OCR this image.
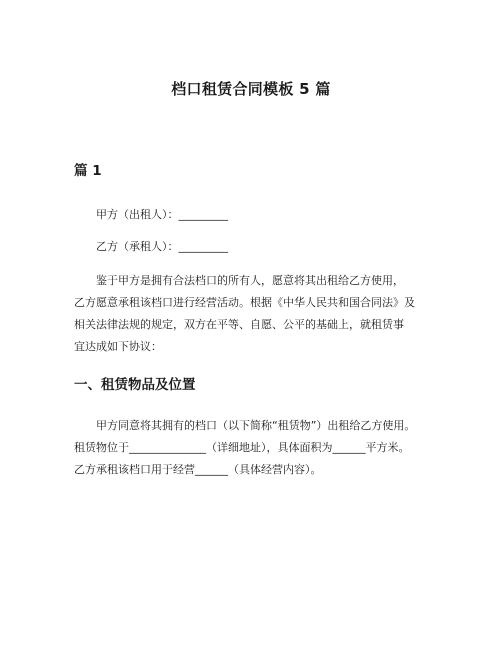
档口租赁合同模板 5 篇
篇 1

甲方（出租人）：_________

乙方（承租人）：_________

鉴于甲方是拥有合法档口的所有人，愿意将其出租给乙方使用，
乙方愿意承租该档口进行经营活动。根据《中华人民共和国合同法》及
相关法律法规的规定，双方在平等、自愿、公平的基础上，就租赁事
宜达成如下协议：

一、租赁物品及位置

甲方同意将其拥有的档口（以下简称“租赁物”）出租给乙方使用。
租赁物位于______________（详细地址），具体面积为______平方米。
乙方承租该档口用于经营______（具体经营内容）。
